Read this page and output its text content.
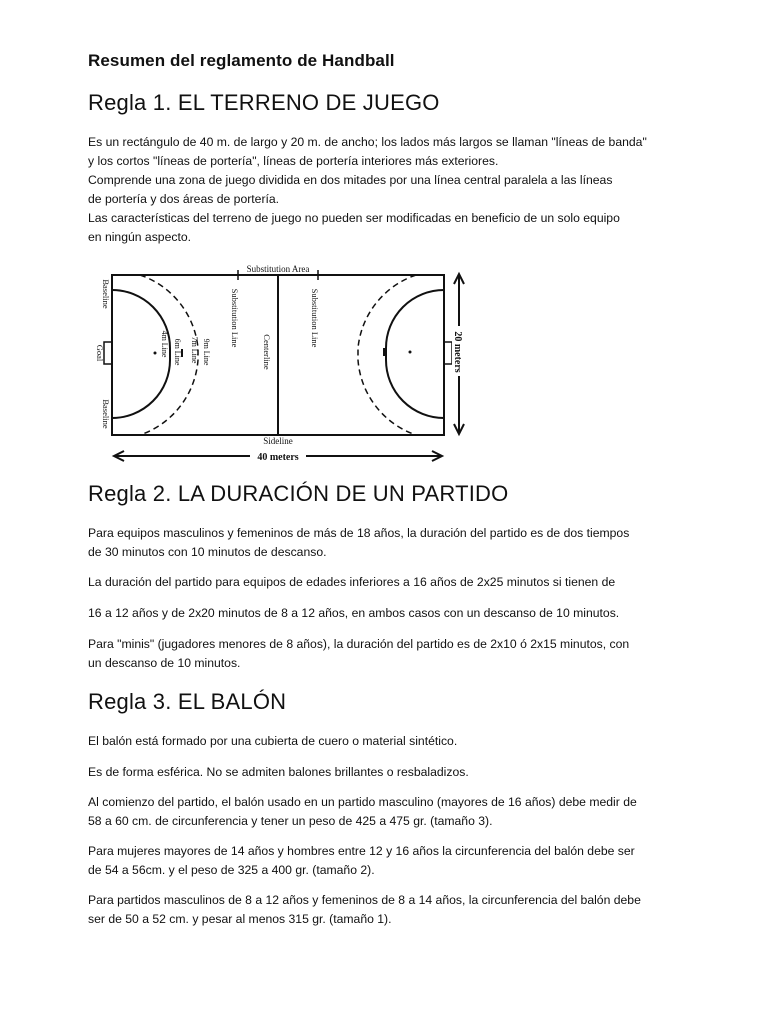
Resumen del reglamento de Handball
Regla 1. EL TERRENO DE JUEGO
Es un rectángulo de 40 m. de largo y 20 m. de ancho; los lados más largos se llaman "líneas de banda"
y los cortos "líneas de portería", líneas de portería interiores más exteriores.
Comprende una zona de juego dividida en dos mitades por una línea central paralela a las líneas
de portería y dos áreas de portería.
Las características del terreno de juego no pueden ser modificadas en beneficio de un solo equipo
en ningún aspecto.
Substitution Area
Sideline
Baseline
Goal
Baseline
9m Line
7m Line
6m Line
4m Line	Substitution Line
Centerline
Substitution Line
20 meters
40 meters
Regla 2. LA DURACIÓN DE UN PARTIDO
Para equipos masculinos y femeninos de más de 18 años, la duración del partido es de dos tiempos
de 30 minutos con 10 minutos de descanso.
La duración del partido para equipos de edades inferiores a 16 años de 2x25 minutos si tienen de
16 a 12 años y de 2x20 minutos de 8 a 12 años, en ambos casos con un descanso de 10 minutos.
Para "minis" (jugadores menores de 8 años), la duración del partido es de 2x10 ó 2x15 minutos, con
un descanso de 10 minutos.
Regla 3. EL BALÓN
El balón está formado por una cubierta de cuero o material sintético.
Es de forma esférica. No se admiten balones brillantes o resbaladizos.
Al comienzo del partido, el balón usado en un partido masculino (mayores de 16 años) debe medir de
58 a 60 cm. de circunferencia y tener un peso de 425 a 475 gr. (tamaño 3).
Para mujeres mayores de 14 años y hombres entre 12 y 16 años la circunferencia del balón debe ser
de 54 a 56cm. y el peso de 325 a 400 gr. (tamaño 2).
Para partidos masculinos de 8 a 12 años y femeninos de 8 a 14 años, la circunferencia del balón debe
ser de 50 a 52 cm. y pesar al menos 315 gr. (tamaño 1).
